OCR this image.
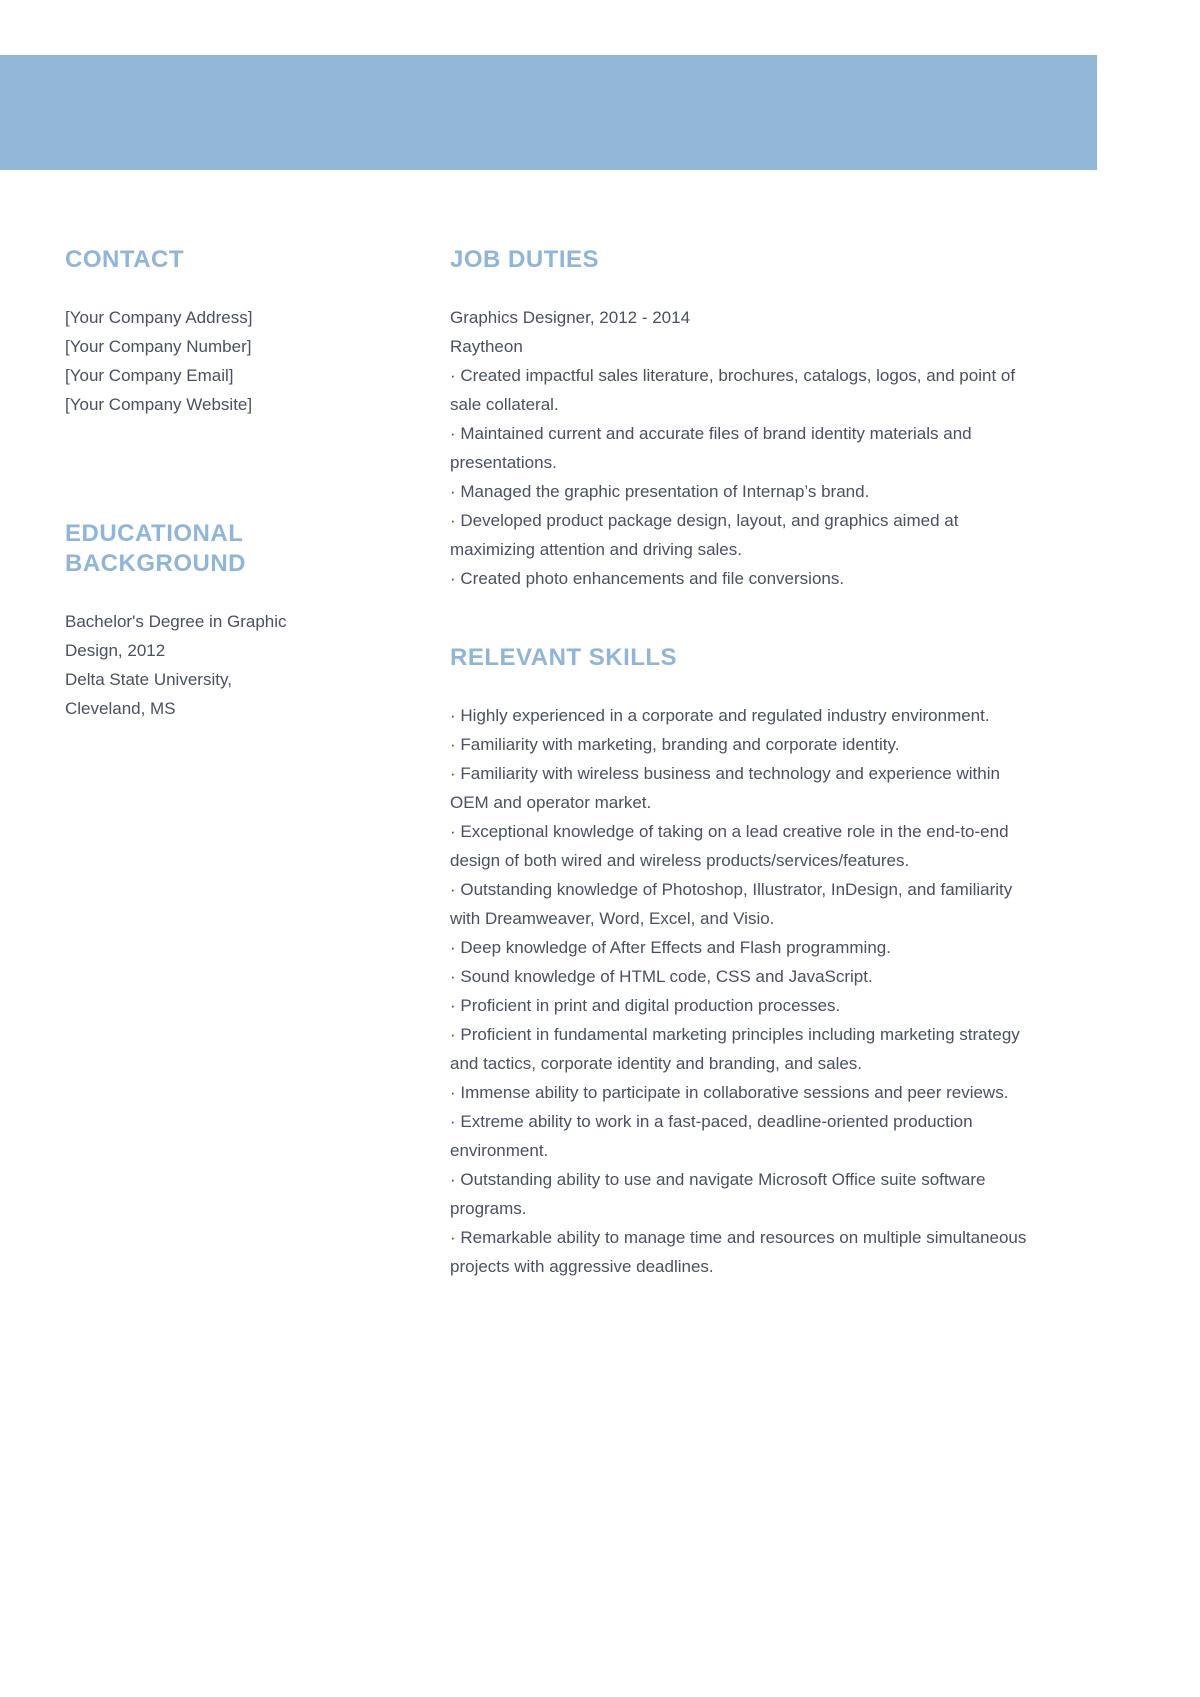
CONTACT

[Your Company Address]

[Your Company Number]

[Your Company Email]

[Your Company Website]

EDUCATIONAL BACKGROUND

Bachelor's Degree in Graphic Design, 2012

Delta State University,

Cleveland, MS

JOB DUTIES

Graphics Designer, 2012 - 2014

Raytheon

· Created impactful sales literature, brochures, catalogs, logos, and point of sale collateral.

· Maintained current and accurate files of brand identity materials and presentations.

· Managed the graphic presentation of Internap’s brand.

· Developed product package design, layout, and graphics aimed at maximizing attention and driving sales.

· Created photo enhancements and file conversions.

RELEVANT SKILLS

· Highly experienced in a corporate and regulated industry environment.

· Familiarity with marketing, branding and corporate identity.

· Familiarity with wireless business and technology and experience within OEM and operator market.

· Exceptional knowledge of taking on a lead creative role in the end-to-end design of both wired and wireless products/services/features.

· Outstanding knowledge of Photoshop, Illustrator, InDesign, and familiarity with Dreamweaver, Word, Excel, and Visio.

· Deep knowledge of After Effects and Flash programming.

· Sound knowledge of HTML code, CSS and JavaScript.

· Proficient in print and digital production processes.

· Proficient in fundamental marketing principles including marketing strategy and tactics, corporate identity and branding, and sales.

· Immense ability to participate in collaborative sessions and peer reviews.

· Extreme ability to work in a fast-paced, deadline-oriented production environment.

· Outstanding ability to use and navigate Microsoft Office suite software programs.

· Remarkable ability to manage time and resources on multiple simultaneous projects with aggressive deadlines.
